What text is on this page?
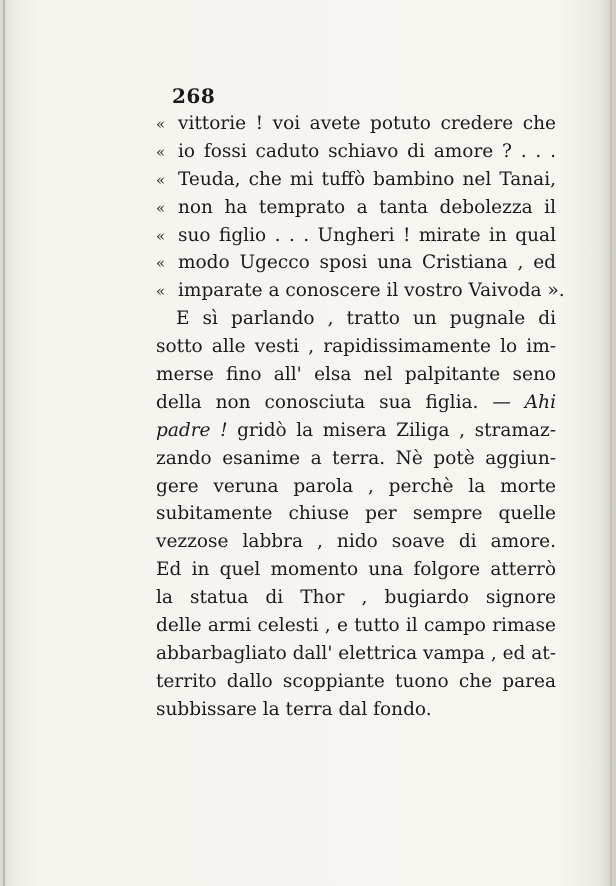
268
« vittorie ! voi avete potuto credere che
« io fossi caduto schiavo di amore ? . . .
« Teuda, che mi tuffò bambino nel Tanai,
« non ha temprato a tanta debolezza il
« suo figlio . . . Ungheri ! mirate in qual
« modo Ugecco sposi una Cristiana , ed
« imparate a conoscere il vostro Vaivoda ».
E sì parlando , tratto un pugnale di
sotto alle vesti , rapidissimamente lo im-
merse fino all' elsa nel palpitante seno
della non conosciuta sua figlia. — Ahi
padre ! gridò la misera Ziliga , stramaz-
zando esanime a terra. Nè potè aggiun-
gere veruna parola , perchè la morte
subitamente chiuse per sempre quelle
vezzose labbra , nido soave di amore.
Ed in quel momento una folgore atterrò
la statua di Thor , bugiardo signore
delle armi celesti , e tutto il campo rimase
abbarbagliato dall' elettrica vampa , ed at-
territo dallo scoppiante tuono che parea
subbissare la terra dal fondo.
